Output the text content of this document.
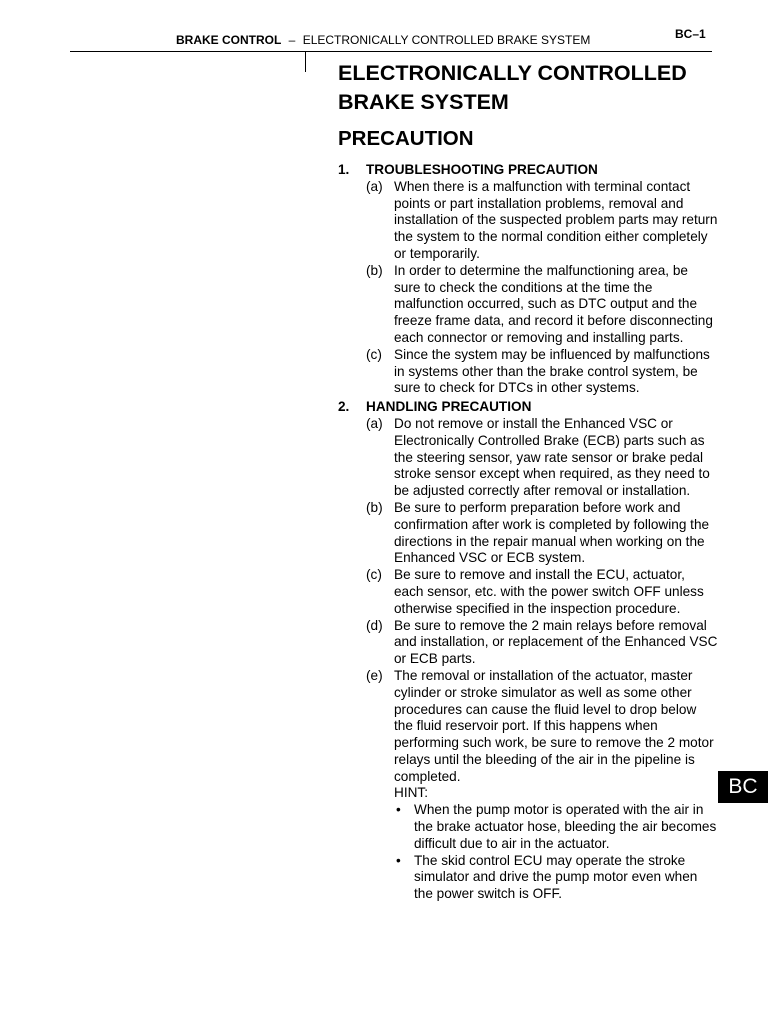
BRAKE CONTROL – ELECTRONICALLY CONTROLLED BRAKE SYSTEM	BC–1
ELECTRONICALLY CONTROLLED
BRAKE SYSTEM
PRECAUTION
1.	TROUBLESHOOTING PRECAUTION
(a) When there is a malfunction with terminal contact points or part installation problems, removal and installation of the suspected problem parts may return the system to the normal condition either completely or temporarily.
(b) In order to determine the malfunctioning area, be sure to check the conditions at the time the malfunction occurred, such as DTC output and the freeze frame data, and record it before disconnecting each connector or removing and installing parts.
(c) Since the system may be influenced by malfunctions in systems other than the brake control system, be sure to check for DTCs in other systems.
2.	HANDLING PRECAUTION
(a) Do not remove or install the Enhanced VSC or Electronically Controlled Brake (ECB) parts such as the steering sensor, yaw rate sensor or brake pedal stroke sensor except when required, as they need to be adjusted correctly after removal or installation.
(b) Be sure to perform preparation before work and confirmation after work is completed by following the directions in the repair manual when working on the Enhanced VSC or ECB system.
(c) Be sure to remove and install the ECU, actuator, each sensor, etc. with the power switch OFF unless otherwise specified in the inspection procedure.
(d) Be sure to remove the 2 main relays before removal and installation, or replacement of the Enhanced VSC or ECB parts.
(e) The removal or installation of the actuator, master cylinder or stroke simulator as well as some other procedures can cause the fluid level to drop below the fluid reservoir port. If this happens when performing such work, be sure to remove the 2 motor relays until the bleeding of the air in the pipeline is completed.
HINT:
• When the pump motor is operated with the air in the brake actuator hose, bleeding the air becomes difficult due to air in the actuator.
• The skid control ECU may operate the stroke simulator and drive the pump motor even when the power switch is OFF.
BC
